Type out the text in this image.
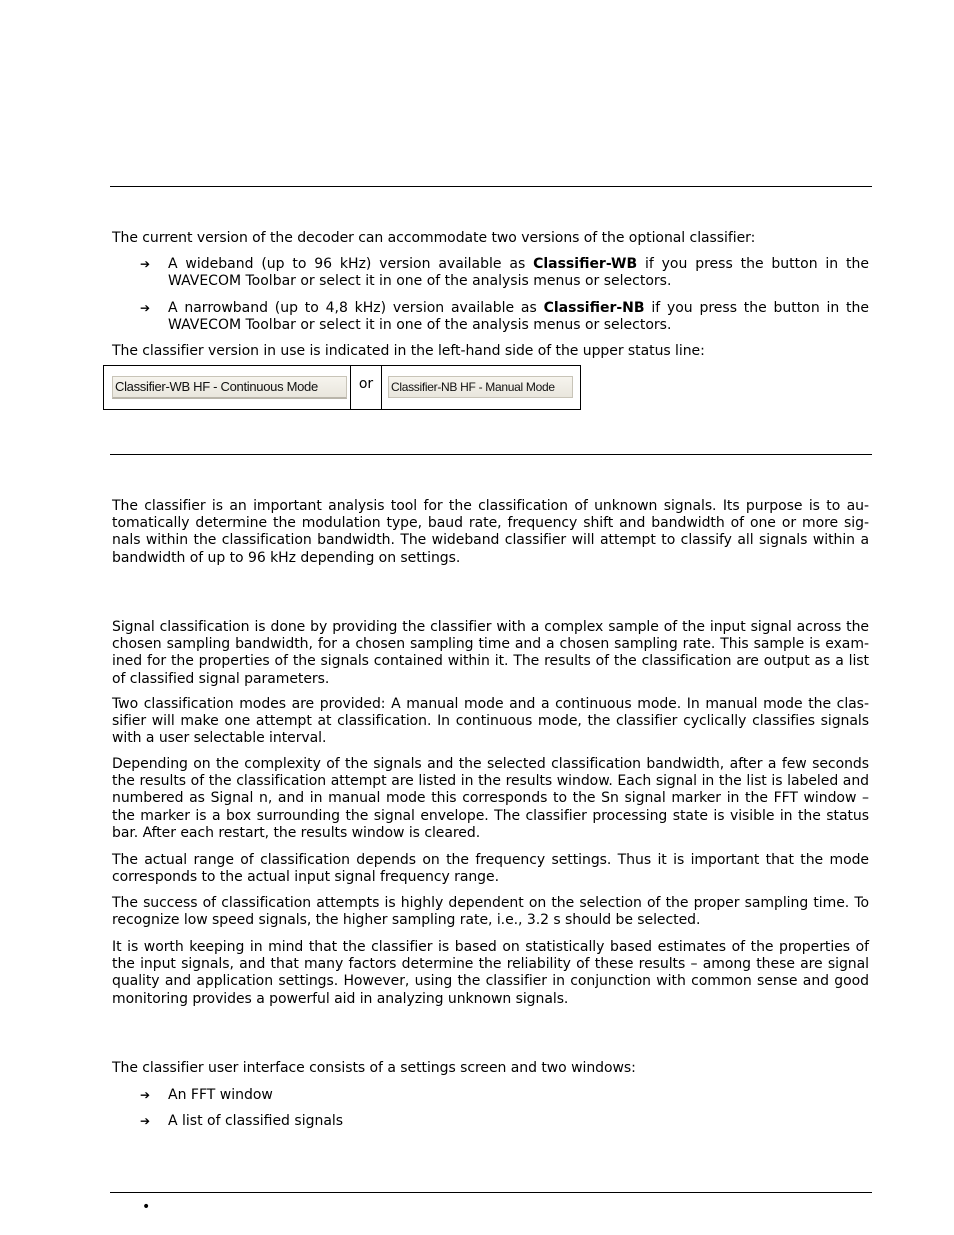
The current version of the decoder can accommodate two versions of the optional classifier:

➔ A wideband (up to 96 kHz) version available as Classifier-WB if you press the button in the WAVECOM Toolbar or select it in one of the analysis menus or selectors.
➔ A narrowband (up to 4,8 kHz) version available as Classifier-NB if you press the button in the WAVECOM Toolbar or select it in one of the analysis menus or selectors.

The classifier version in use is indicated in the left-hand side of the upper status line:

Classifier-WB HF - Continuous Mode	or	Classifier-NB HF - Manual Mode

The classifier is an important analysis tool for the classification of unknown signals. Its purpose is to automatically determine the modulation type, baud rate, frequency shift and bandwidth of one or more signals within the classification bandwidth. The wideband classifier will attempt to classify all signals within a bandwidth of up to 96 kHz depending on settings.

Signal classification is done by providing the classifier with a complex sample of the input signal across the chosen sampling bandwidth, for a chosen sampling time and a chosen sampling rate. This sample is examined for the properties of the signals contained within it. The results of the classification are output as a list of classified signal parameters.

Two classification modes are provided: A manual mode and a continuous mode. In manual mode the classifier will make one attempt at classification. In continuous mode, the classifier cyclically classifies signals with a user selectable interval.

Depending on the complexity of the signals and the selected classification bandwidth, after a few seconds the results of the classification attempt are listed in the results window. Each signal in the list is labeled and numbered as Signal n, and in manual mode this corresponds to the Sn signal marker in the FFT window – the marker is a box surrounding the signal envelope. The classifier processing state is visible in the status bar. After each restart, the results window is cleared.

The actual range of classification depends on the frequency settings. Thus it is important that the mode corresponds to the actual input signal frequency range.

The success of classification attempts is highly dependent on the selection of the proper sampling time. To recognize low speed signals, the higher sampling rate, i.e., 3.2 s should be selected.

It is worth keeping in mind that the classifier is based on statistically based estimates of the properties of the input signals, and that many factors determine the reliability of these results – among these are signal quality and application settings. However, using the classifier in conjunction with common sense and good monitoring provides a powerful aid in analyzing unknown signals.

The classifier user interface consists of a settings screen and two windows:

➔ An FFT window
➔ A list of classified signals
•
